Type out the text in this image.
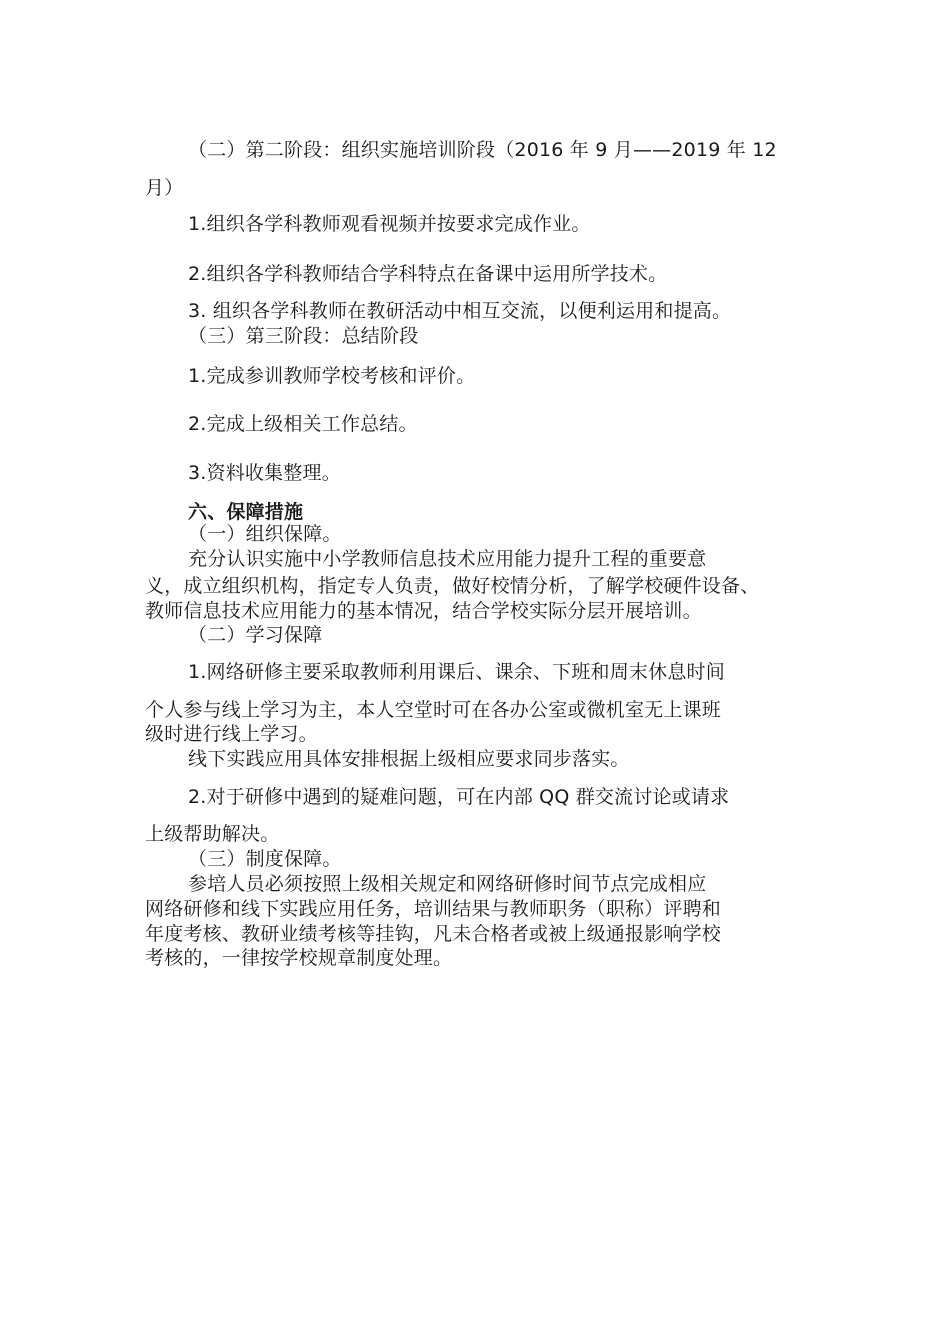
（二）第二阶段：组织实施培训阶段（2016 年 9 月——2019 年 12
月）
1.组织各学科教师观看视频并按要求完成作业。
2.组织各学科教师结合学科特点在备课中运用所学技术。
3. 组织各学科教师在教研活动中相互交流，以便利运用和提高。
（三）第三阶段：总结阶段
1.完成参训教师学校考核和评价。
2.完成上级相关工作总结。
3.资料收集整理。
六、保障措施
（一）组织保障。
充分认识实施中小学教师信息技术应用能力提升工程的重要意
义，成立组织机构，指定专人负责，做好校情分析，了解学校硬件设备、
教师信息技术应用能力的基本情况，结合学校实际分层开展培训。
（二）学习保障
1.网络研修主要采取教师利用课后、课余、下班和周末休息时间
个人参与线上学习为主，本人空堂时可在各办公室或微机室无上课班
级时进行线上学习。
线下实践应用具体安排根据上级相应要求同步落实。
2.对于研修中遇到的疑难问题，可在内部 QQ 群交流讨论或请求
上级帮助解决。
（三）制度保障。
参培人员必须按照上级相关规定和网络研修时间节点完成相应
网络研修和线下实践应用任务，培训结果与教师职务（职称）评聘和
年度考核、教研业绩考核等挂钩，凡未合格者或被上级通报影响学校
考核的，一律按学校规章制度处理。
